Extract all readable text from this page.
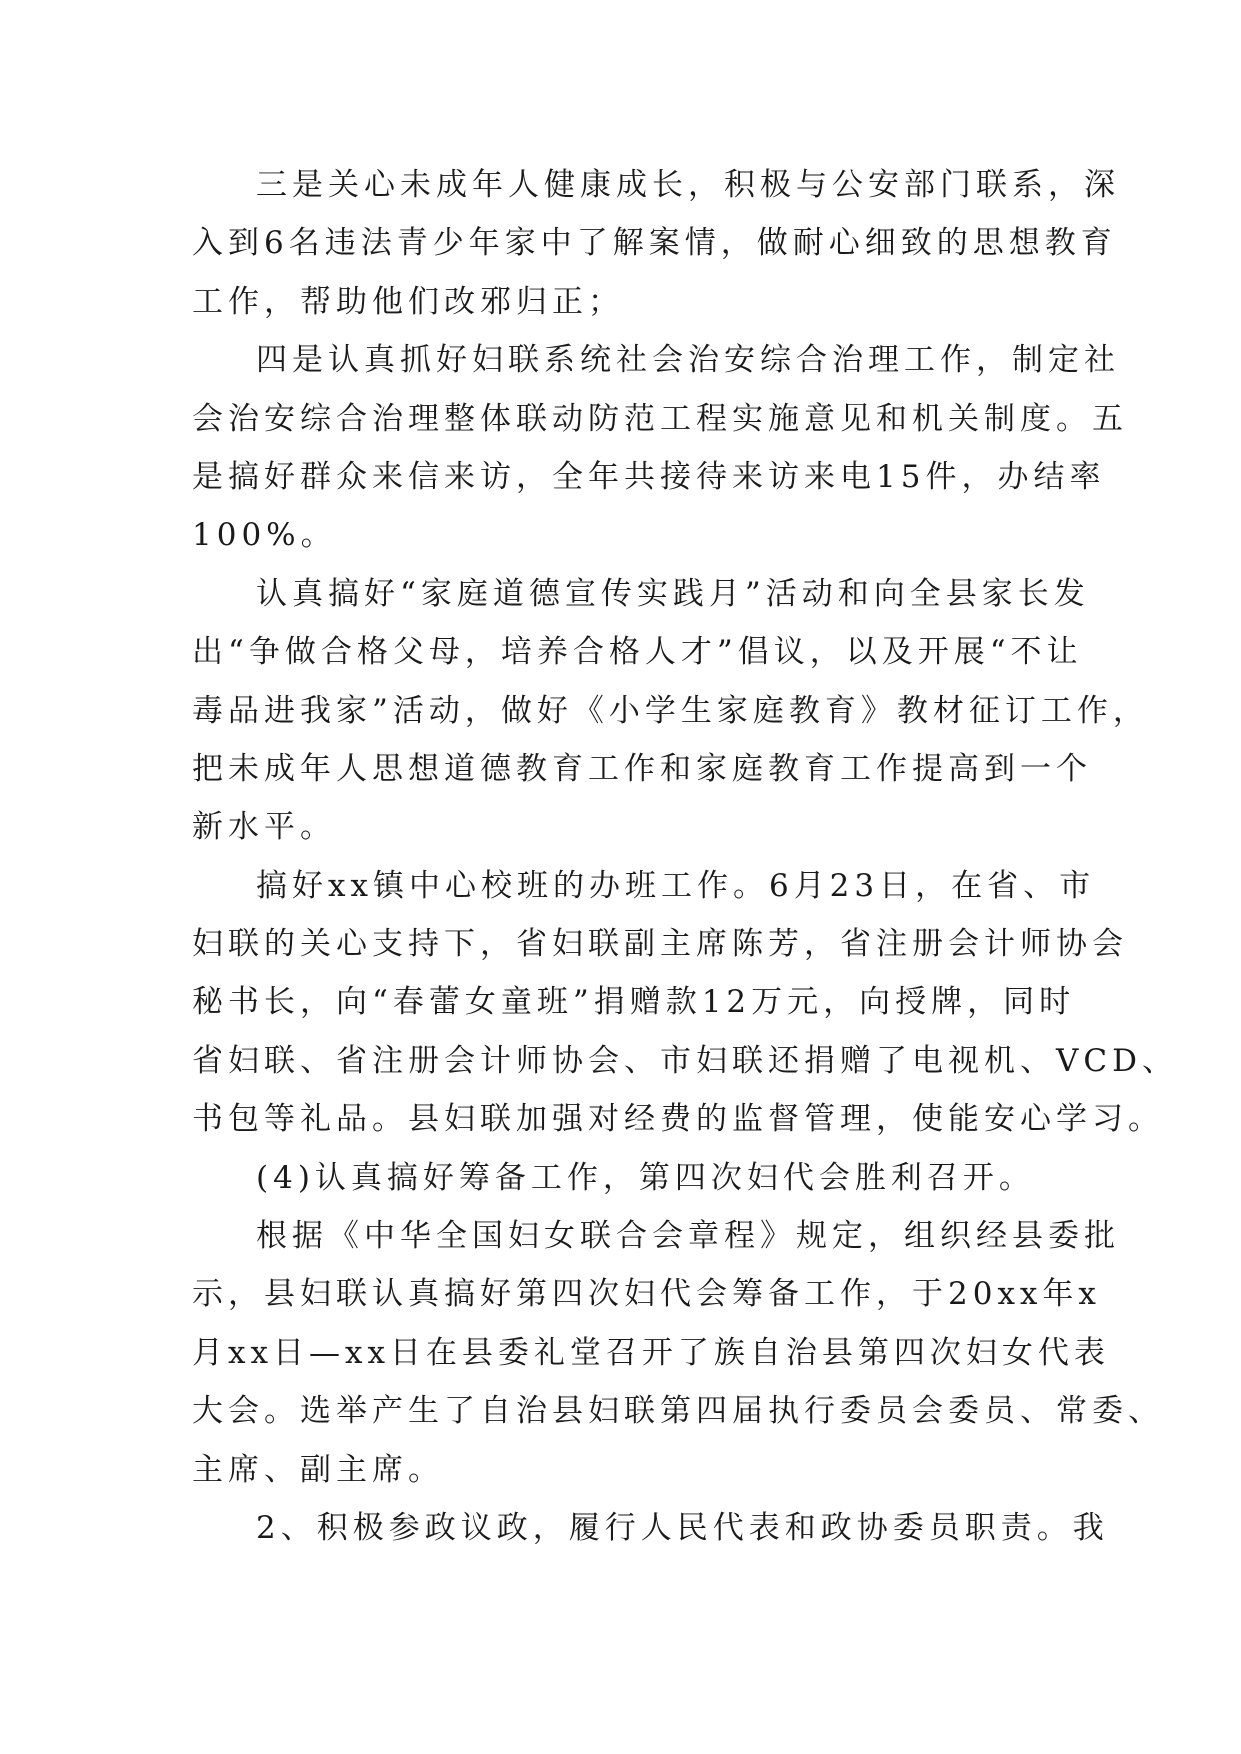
三是关心未成年人健康成长，积极与公安部门联系，深
入到6名违法青少年家中了解案情，做耐心细致的思想教育
工作，帮助他们改邪归正；
四是认真抓好妇联系统社会治安综合治理工作，制定社
会治安综合治理整体联动防范工程实施意见和机关制度。五
是搞好群众来信来访，全年共接待来访来电15件，办结率
100%。
认真搞好“家庭道德宣传实践月”活动和向全县家长发
出“争做合格父母，培养合格人才”倡议，以及开展“不让
毒品进我家”活动，做好《小学生家庭教育》教材征订工作，
把未成年人思想道德教育工作和家庭教育工作提高到一个
新水平。
搞好xx镇中心校班的办班工作。6月23日，在省、市
妇联的关心支持下，省妇联副主席陈芳，省注册会计师协会
秘书长，向“春蕾女童班”捐赠款12万元，向授牌，同时
省妇联、省注册会计师协会、市妇联还捐赠了电视机、VCD、
书包等礼品。县妇联加强对经费的监督管理，使能安心学习。
(4)认真搞好筹备工作，第四次妇代会胜利召开。
根据《中华全国妇女联合会章程》规定，组织经县委批
示，县妇联认真搞好第四次妇代会筹备工作，于20xx年x
月xx日—xx日在县委礼堂召开了族自治县第四次妇女代表
大会。选举产生了自治县妇联第四届执行委员会委员、常委、
主席、副主席。
2、积极参政议政，履行人民代表和政协委员职责。我
